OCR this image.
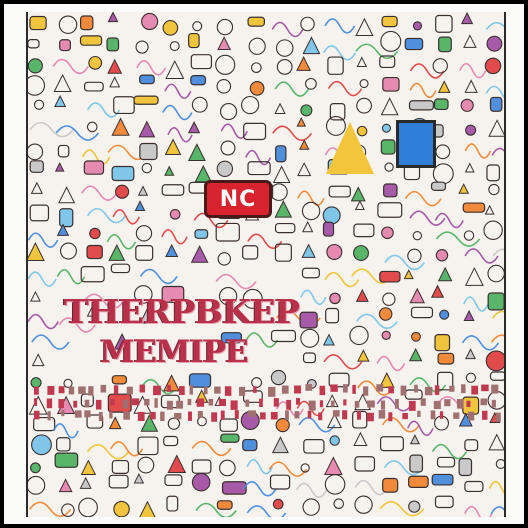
NC
THERPBKEP
MEMIPE
